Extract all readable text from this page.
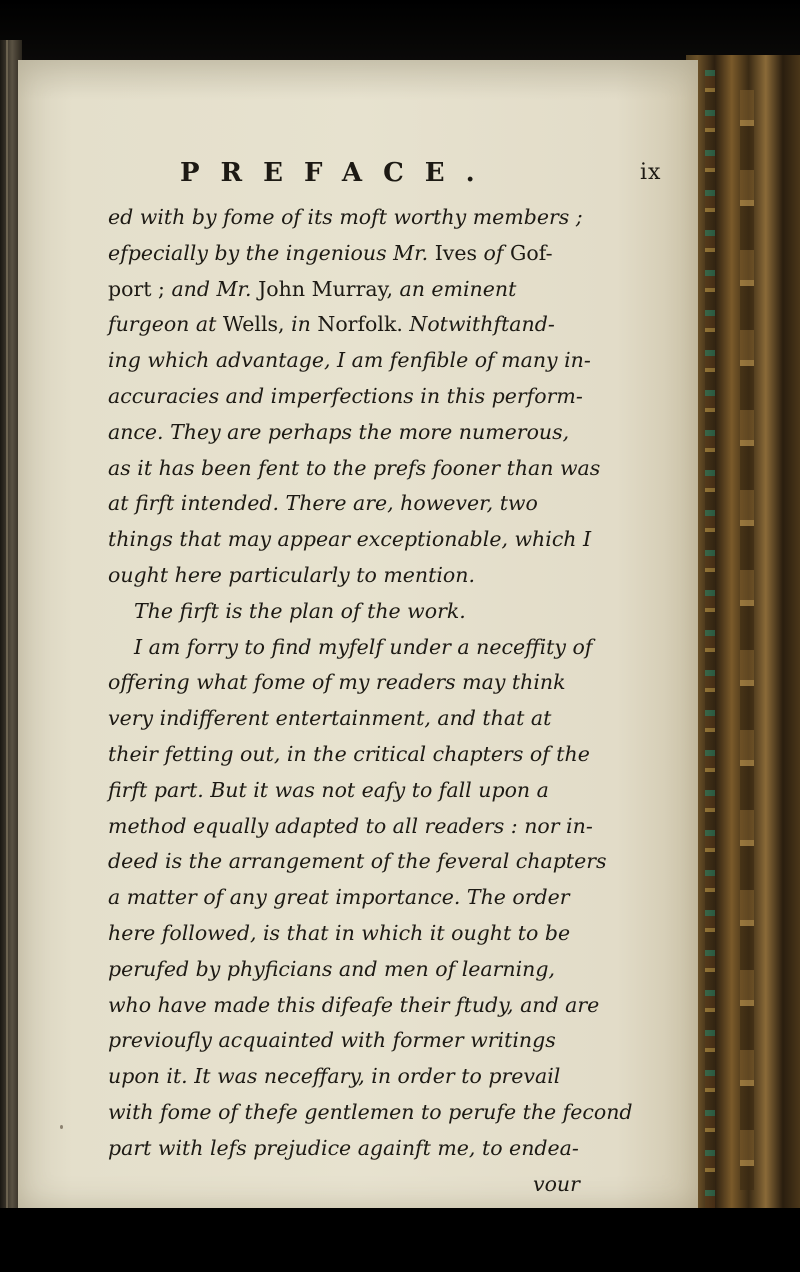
PREFACE.	ix
ed with by fome of its moft worthy members ;
efpecially by the ingenious Mr. Ives of Gof-
port ; and Mr. John Murray, an eminent
furgeon at Wells, in Norfolk. Notwithftand-
ing which advantage, I am fenfible of many in-
accuracies and imperfections in this perform-
ance. They are perhaps the more numerous,
as it has been fent to the prefs fooner than was
at firft intended. There are, however, two
things that may appear exceptionable, which I
ought here particularly to mention.
The firft is the plan of the work.
I am forry to find myfelf under a neceffity of
offering what fome of my readers may think
very indifferent entertainment, and that at
their fetting out, in the critical chapters of the
firft part. But it was not eafy to fall upon a
method equally adapted to all readers : nor in-
deed is the arrangement of the feveral chapters
a matter of any great importance. The order
here followed, is that in which it ought to be
perufed by phyficians and men of learning,
who have made this difeafe their ftudy, and are
previoufly acquainted with former writings
upon it. It was neceffary, in order to prevail
with fome of thefe gentlemen to perufe the fecond
part with lefs prejudice againft me, to endea-
vour
